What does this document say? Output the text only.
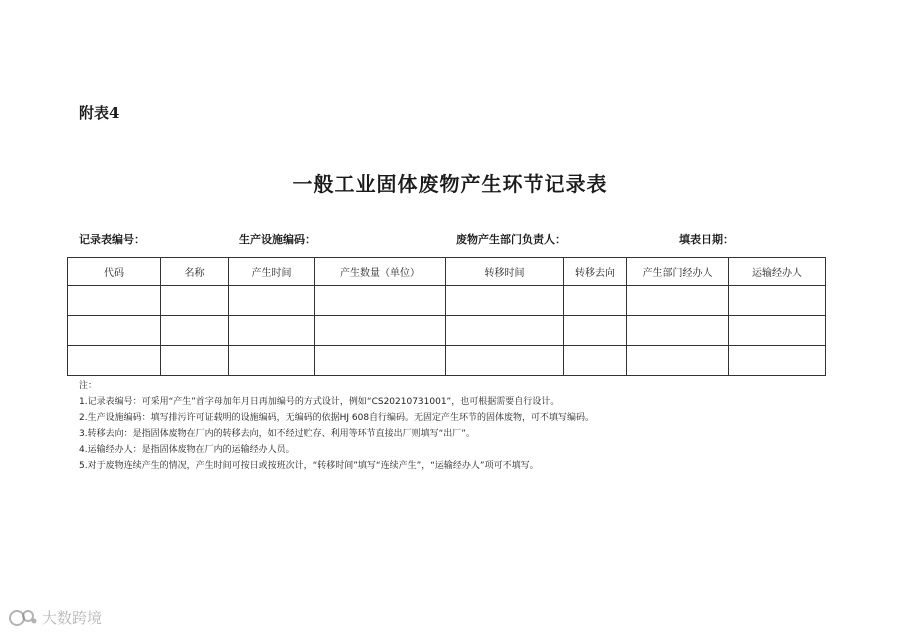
附表4
一般工业固体废物产生环节记录表
记录表编号：	生产设施编码：	废物产生部门负责人：	填表日期：
代码	名称	产生时间	产生数量（单位）	转移时间	转移去向	产生部门经办人	运输经办人

注：
1.记录表编号：可采用“产生”首字母加年月日再加编号的方式设计，例如“CS20210731001”，也可根据需要自行设计。
2.生产设施编码：填写排污许可证载明的设施编码，无编码的依据HJ 608自行编码。无固定产生环节的固体废物，可不填写编码。
3.转移去向：是指固体废物在厂内的转移去向，如不经过贮存、利用等环节直接出厂则填写“出厂”。
4.运输经办人：是指固体废物在厂内的运输经办人员。
5.对于废物连续产生的情况，产生时间可按日或按班次计，“转移时间”填写“连续产生”，“运输经办人”项可不填写。
大数跨境
